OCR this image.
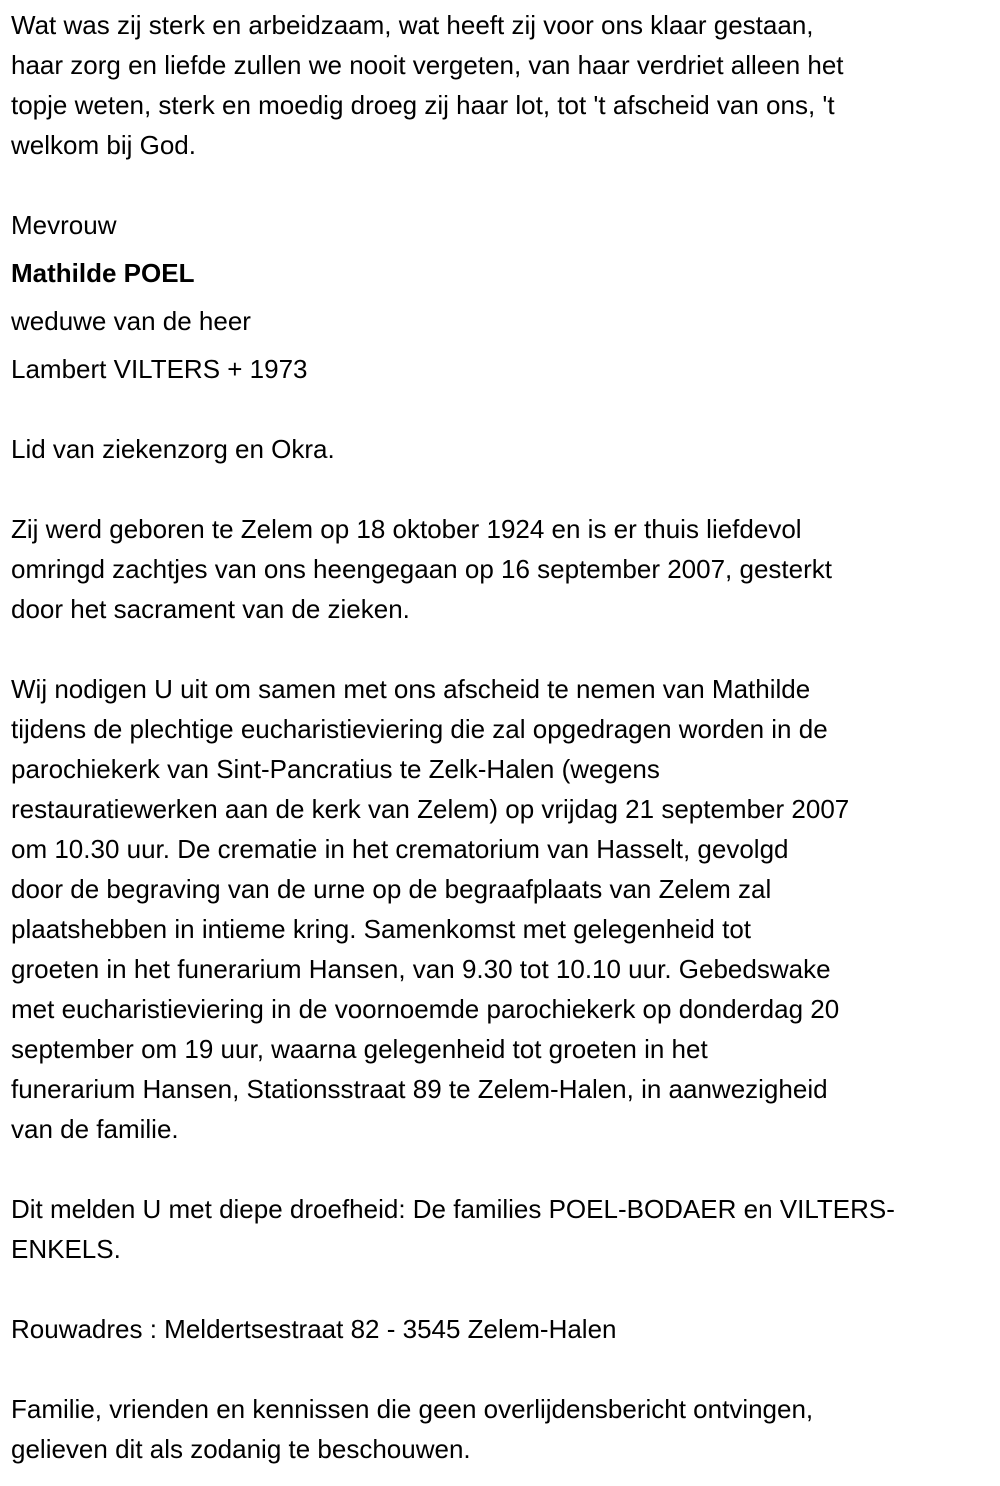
Wat was zij sterk en arbeidzaam, wat heeft zij voor ons klaar gestaan,
haar zorg en liefde zullen we nooit vergeten, van haar verdriet alleen het
topje weten, sterk en moedig droeg zij haar lot, tot 't afscheid van ons, 't
welkom bij God.
Mevrouw
Mathilde POEL
weduwe van de heer
Lambert VILTERS + 1973
Lid van ziekenzorg en Okra.
Zij werd geboren te Zelem op 18 oktober 1924 en is er thuis liefdevol
omringd zachtjes van ons heengegaan op 16 september 2007, gesterkt
door het sacrament van de zieken.
Wij nodigen U uit om samen met ons afscheid te nemen van Mathilde
tijdens de plechtige eucharistieviering die zal opgedragen worden in de
parochiekerk van Sint-Pancratius te Zelk-Halen (wegens
restauratiewerken aan de kerk van Zelem) op vrijdag 21 september 2007
om 10.30 uur. De crematie in het crematorium van Hasselt, gevolgd
door de begraving van de urne op de begraafplaats van Zelem zal
plaatshebben in intieme kring. Samenkomst met gelegenheid tot
groeten in het funerarium Hansen, van 9.30 tot 10.10 uur. Gebedswake
met eucharistieviering in de voornoemde parochiekerk op donderdag 20
september om 19 uur, waarna gelegenheid tot groeten in het
funerarium Hansen, Stationsstraat 89 te Zelem-Halen, in aanwezigheid
van de familie.
Dit melden U met diepe droefheid: De families POEL-BODAER en VILTERS-
ENKELS.
Rouwadres : Meldertsestraat 82 - 3545 Zelem-Halen
Familie, vrienden en kennissen die geen overlijdensbericht ontvingen,
gelieven dit als zodanig te beschouwen.
